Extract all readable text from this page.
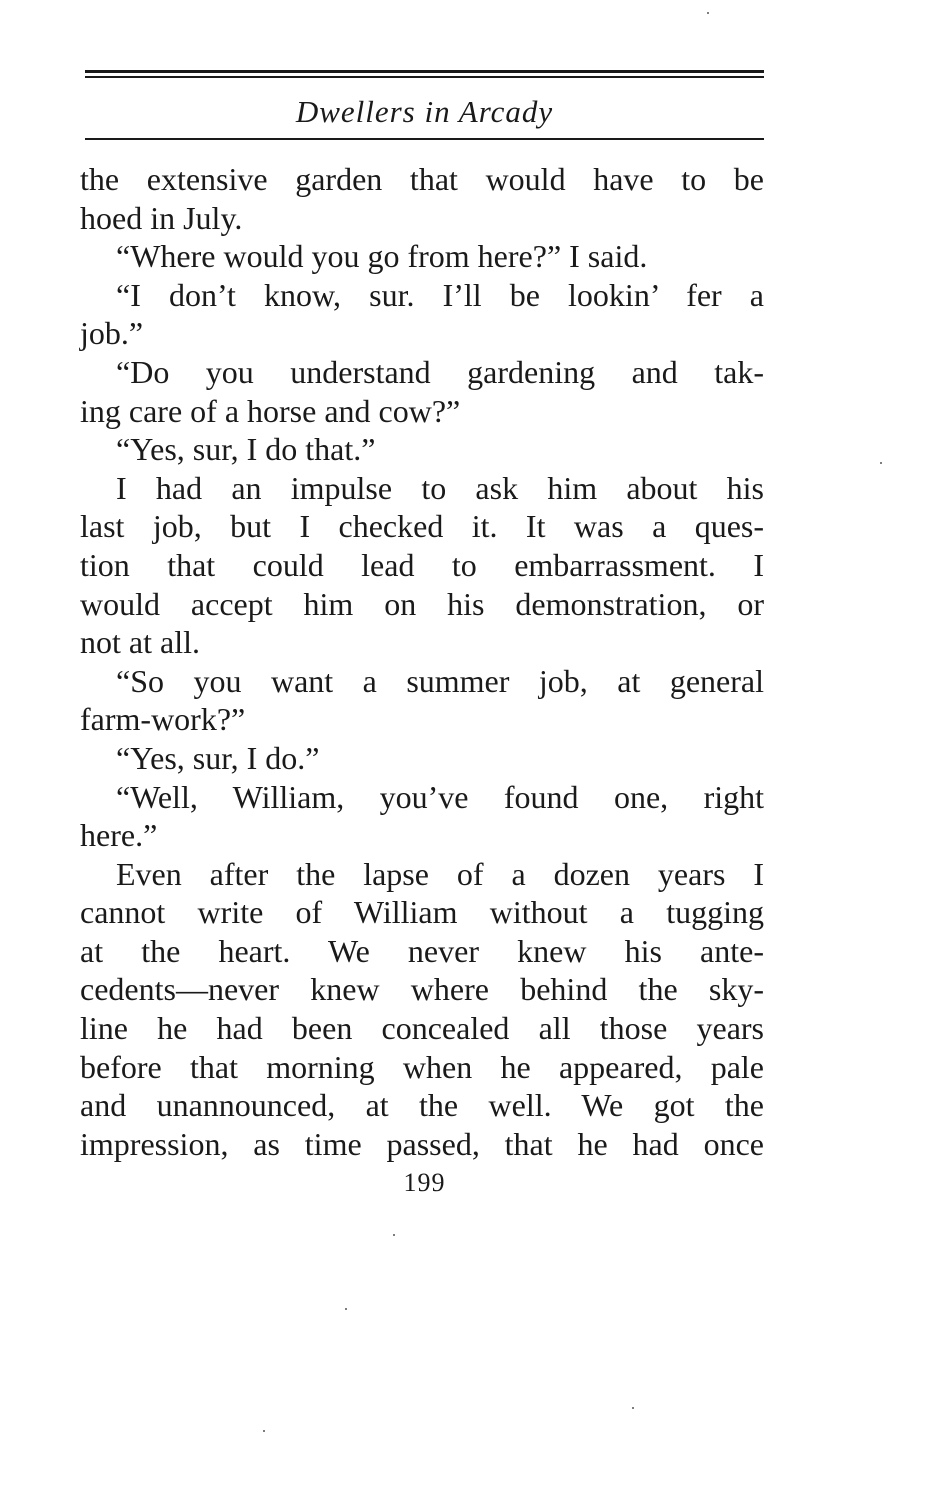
Dwellers in Arcady
the extensive garden that would have to be
hoed in July.
“Where would you go from here?” I said.
“I don’t know, sur. I’ll be lookin’ fer a
job.”
“Do you understand gardening and tak-
ing care of a horse and cow?”
“Yes, sur, I do that.”
I had an impulse to ask him about his
last job, but I checked it. It was a ques-
tion that could lead to embarrassment. I
would accept him on his demonstration, or
not at all.
“So you want a summer job, at general
farm-work?”
“Yes, sur, I do.”
“Well, William, you’ve found one, right
here.”
Even after the lapse of a dozen years I
cannot write of William without a tugging
at the heart. We never knew his ante-
cedents—never knew where behind the sky-
line he had been concealed all those years
before that morning when he appeared, pale
and unannounced, at the well. We got the
impression, as time passed, that he had once
199
